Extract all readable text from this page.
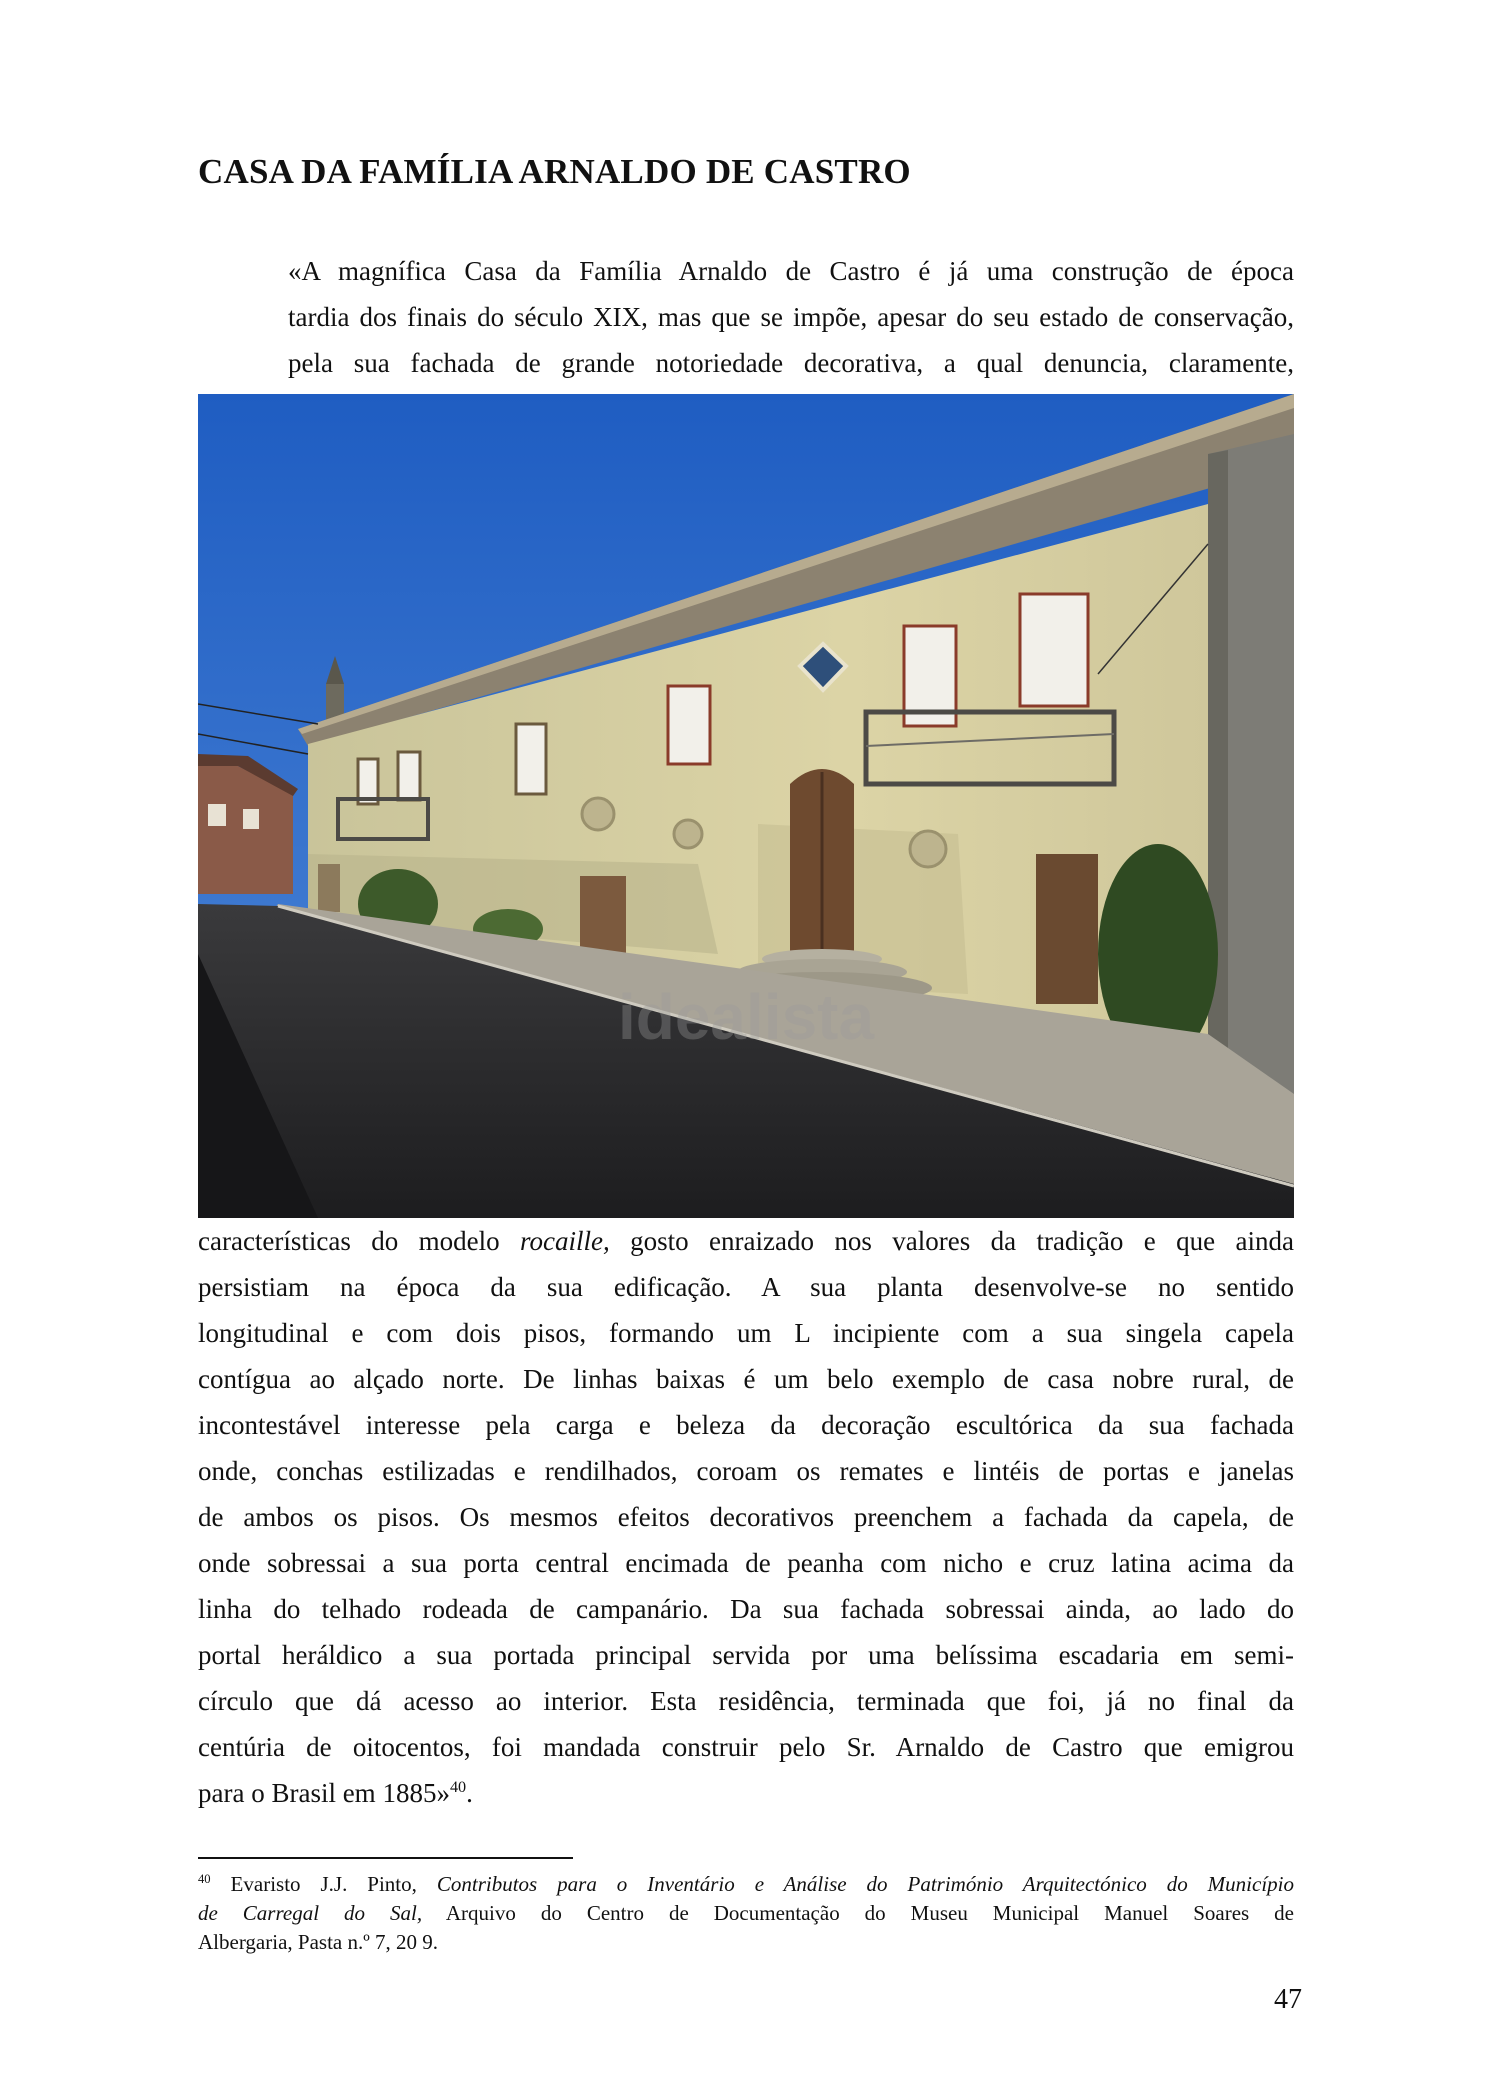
CASA DA FAMÍLIA ARNALDO DE CASTRO

«A magnífica Casa da Família Arnaldo de Castro é já uma construção de época
tardia dos finais do século XIX, mas que se impõe, apesar do seu estado de conservação,
pela sua fachada de grande notoriedade decorativa, a qual denuncia, claramente,

idealista

características do modelo rocaille, gosto enraizado nos valores da tradição e que ainda
persistiam na época da sua edificação. A sua planta desenvolve-se no sentido
longitudinal e com dois pisos, formando um L incipiente com a sua singela capela
contígua ao alçado norte. De linhas baixas é um belo exemplo de casa nobre rural, de
incontestável interesse pela carga e beleza da decoração escultórica da sua fachada
onde, conchas estilizadas e rendilhados, coroam os remates e lintéis de portas e janelas
de ambos os pisos. Os mesmos efeitos decorativos preenchem a fachada da capela, de
onde sobressai a sua porta central encimada de peanha com nicho e cruz latina acima da
linha do telhado rodeada de campanário. Da sua fachada sobressai ainda, ao lado do
portal heráldico a sua portada principal servida por uma belíssima escadaria em semi-
círculo que dá acesso ao interior. Esta residência, terminada que foi, já no final da
centúria de oitocentos, foi mandada construir pelo Sr. Arnaldo de Castro que emigrou
para o Brasil em 1885»$^{40}$.

$^{40}$ Evaristo J.J. Pinto, Contributos para o Inventário e Análise do Património Arquitectónico do Município
de Carregal do Sal, Arquivo do Centro de Documentação do Museu Municipal Manuel Soares de
Albergaria, Pasta n.º 7, 20 9.

47
